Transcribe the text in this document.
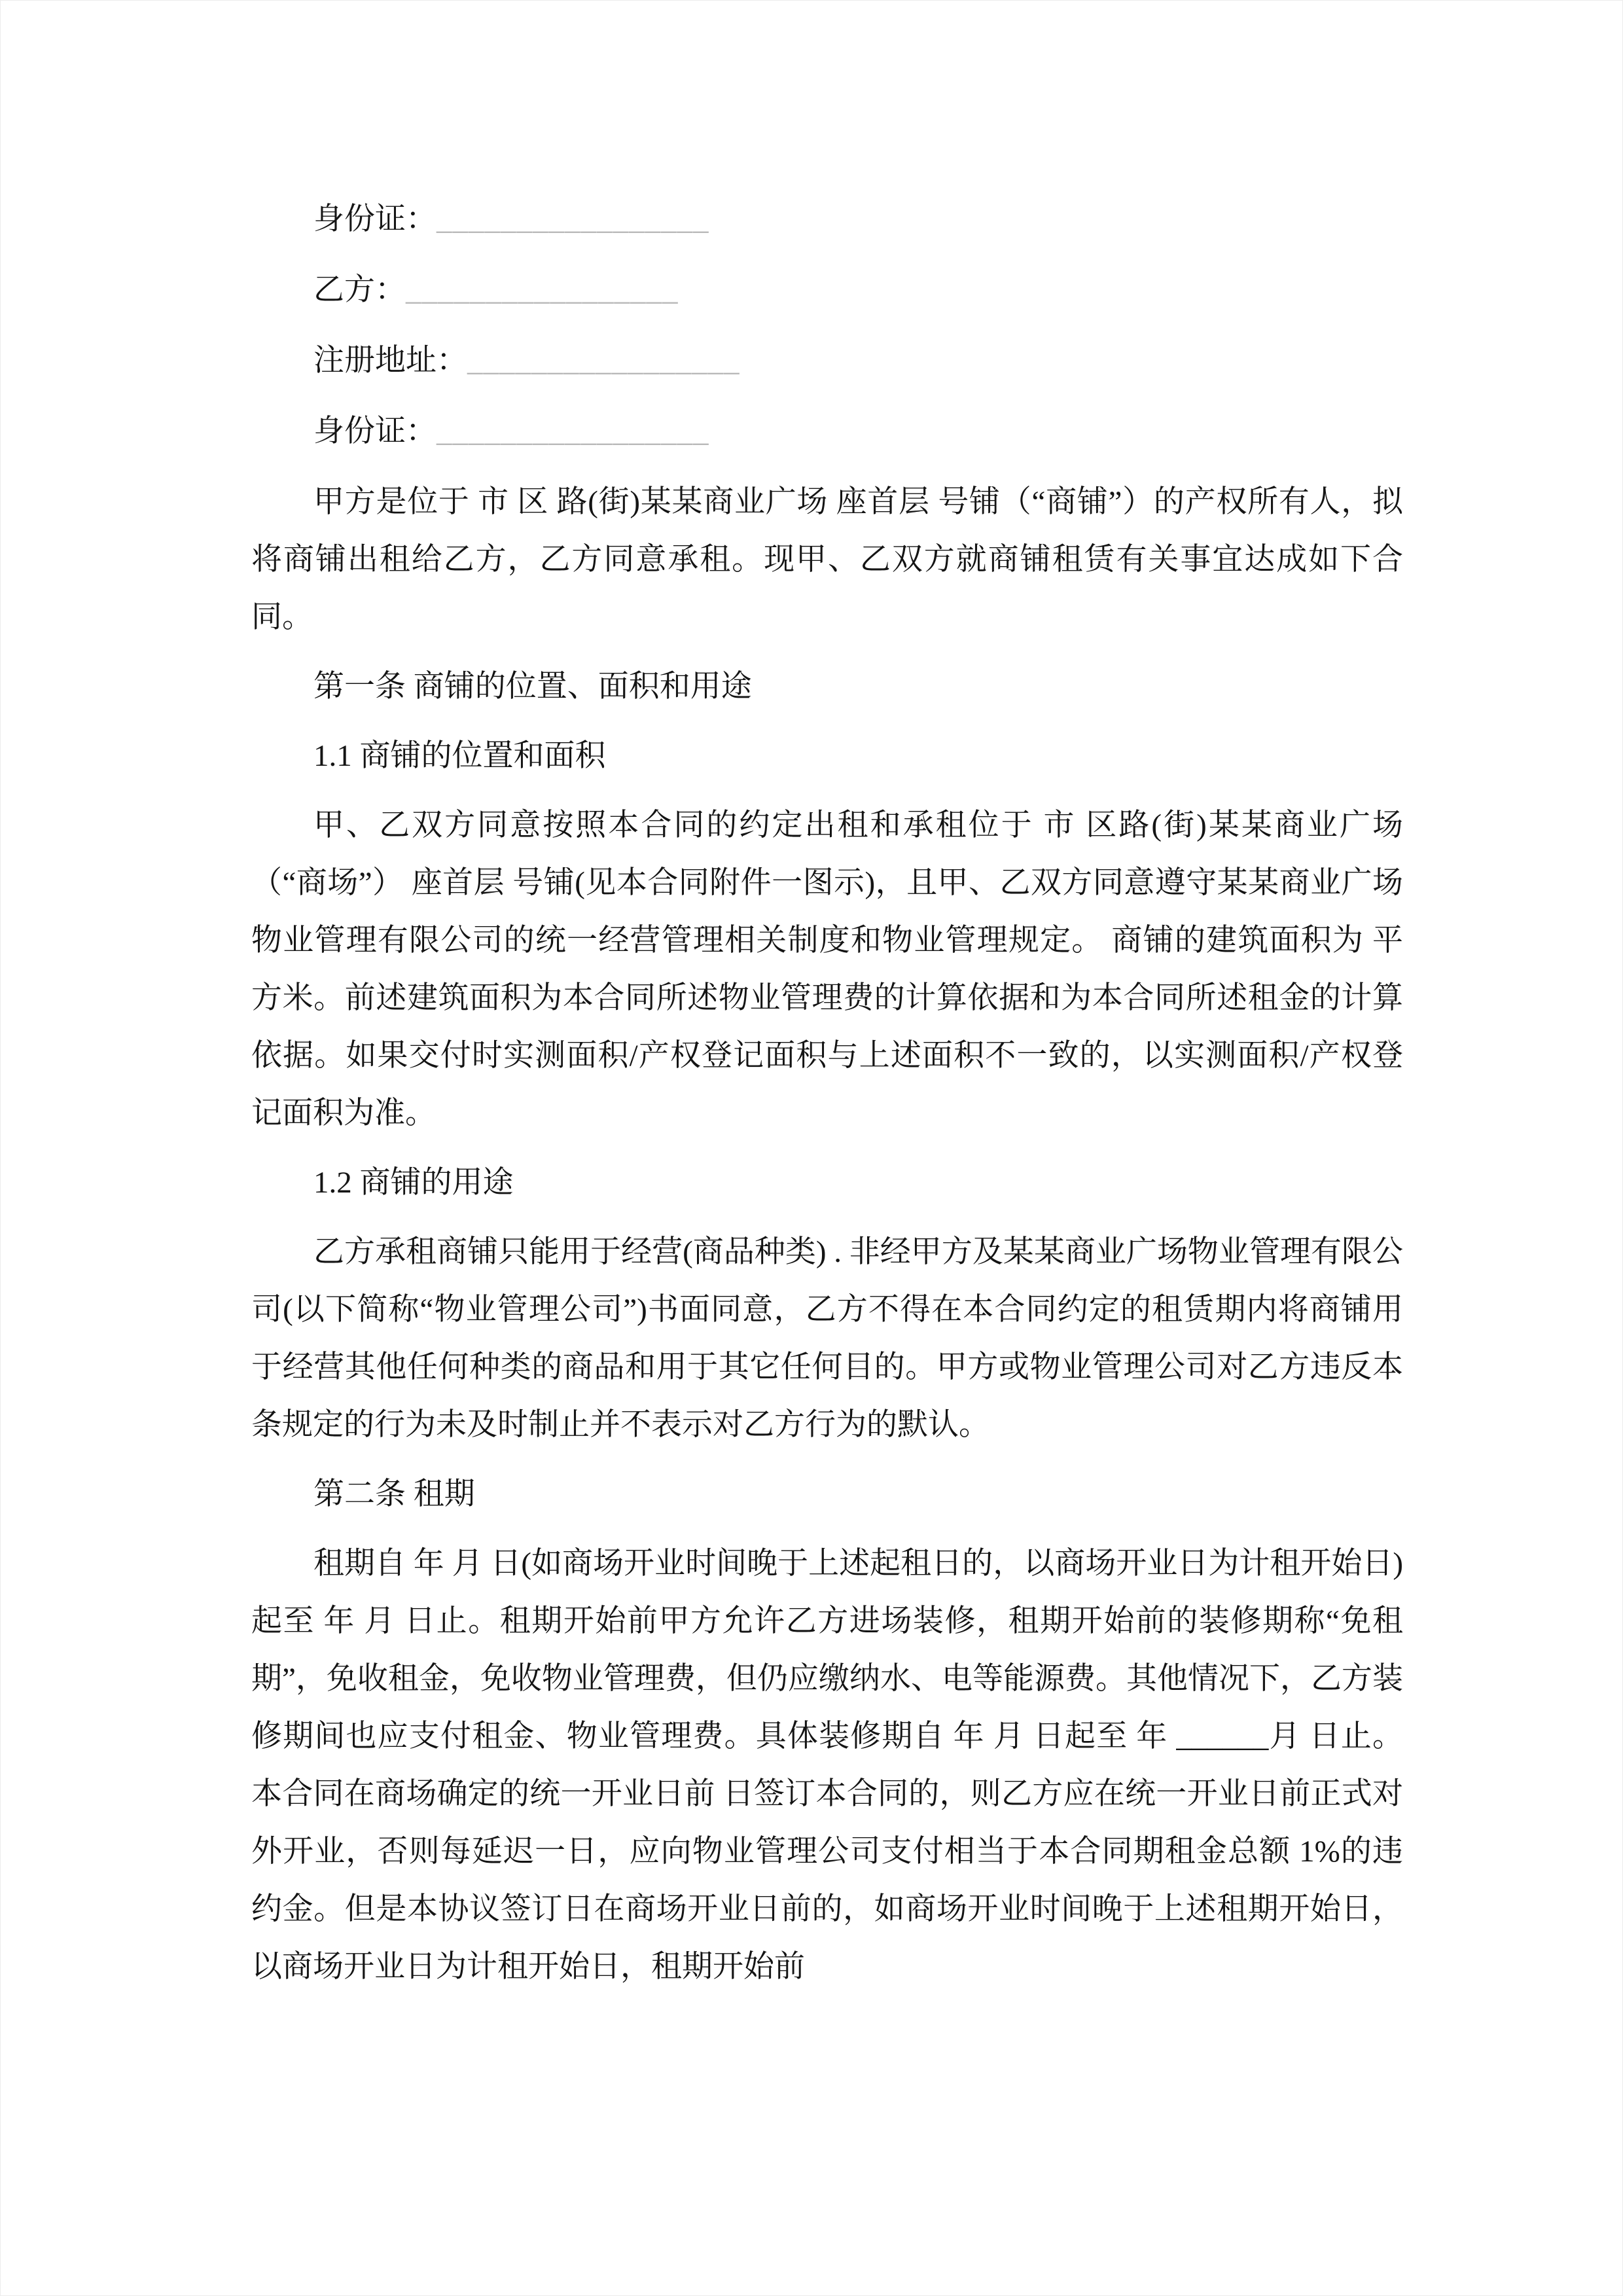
身份证：_________________
乙方：_________________
注册地址：_________________
身份证：_________________

甲方是位于 市 区 路(街)某某商业广场 座首层 号铺（“商铺”）的产权所有人，拟将商铺出租给乙方，乙方同意承租。现甲、乙双方就商铺租赁有关事宜达成如下合同。

第一条 商铺的位置、面积和用途

1.1 商铺的位置和面积

甲、乙双方同意按照本合同的约定出租和承租位于 市 区路(街)某某商业广场（“商场”） 座首层 号铺(见本合同附件一图示)，且甲、乙双方同意遵守某某商业广场物业管理有限公司的统一经营管理相关制度和物业管理规定。 商铺的建筑面积为 平方米。前述建筑面积为本合同所述物业管理费的计算依据和为本合同所述租金的计算依据。如果交付时实测面积/产权登记面积与上述面积不一致的，以实测面积/产权登记面积为准。

1.2 商铺的用途

乙方承租商铺只能用于经营(商品种类) . 非经甲方及某某商业广场物业管理有限公司(以下简称“物业管理公司”)书面同意，乙方不得在本合同约定的租赁期内将商铺用于经营其他任何种类的商品和用于其它任何目的。甲方或物业管理公司对乙方违反本条规定的行为未及时制止并不表示对乙方行为的默认。

第二条 租期

租期自 年 月 日(如商场开业时间晚于上述起租日的，以商场开业日为计租开始日)起至 年 月 日止。租期开始前甲方允许乙方进场装修，租期开始前的装修期称“免租期”，免收租金，免收物业管理费，但仍应缴纳水、电等能源费。其他情况下，乙方装修期间也应支付租金、物业管理费。具体装修期自 年 月 日起至 年 ______月 日止。 本合同在商场确定的统一开业日前 日签订本合同的，则乙方应在统一开业日前正式对外开业，否则每延迟一日，应向物业管理公司支付相当于本合同期租金总额 1%的违约金。但是本协议签订日在商场开业日前的，如商场开业时间晚于上述租期开始日，以商场开业日为计租开始日，租期开始前
